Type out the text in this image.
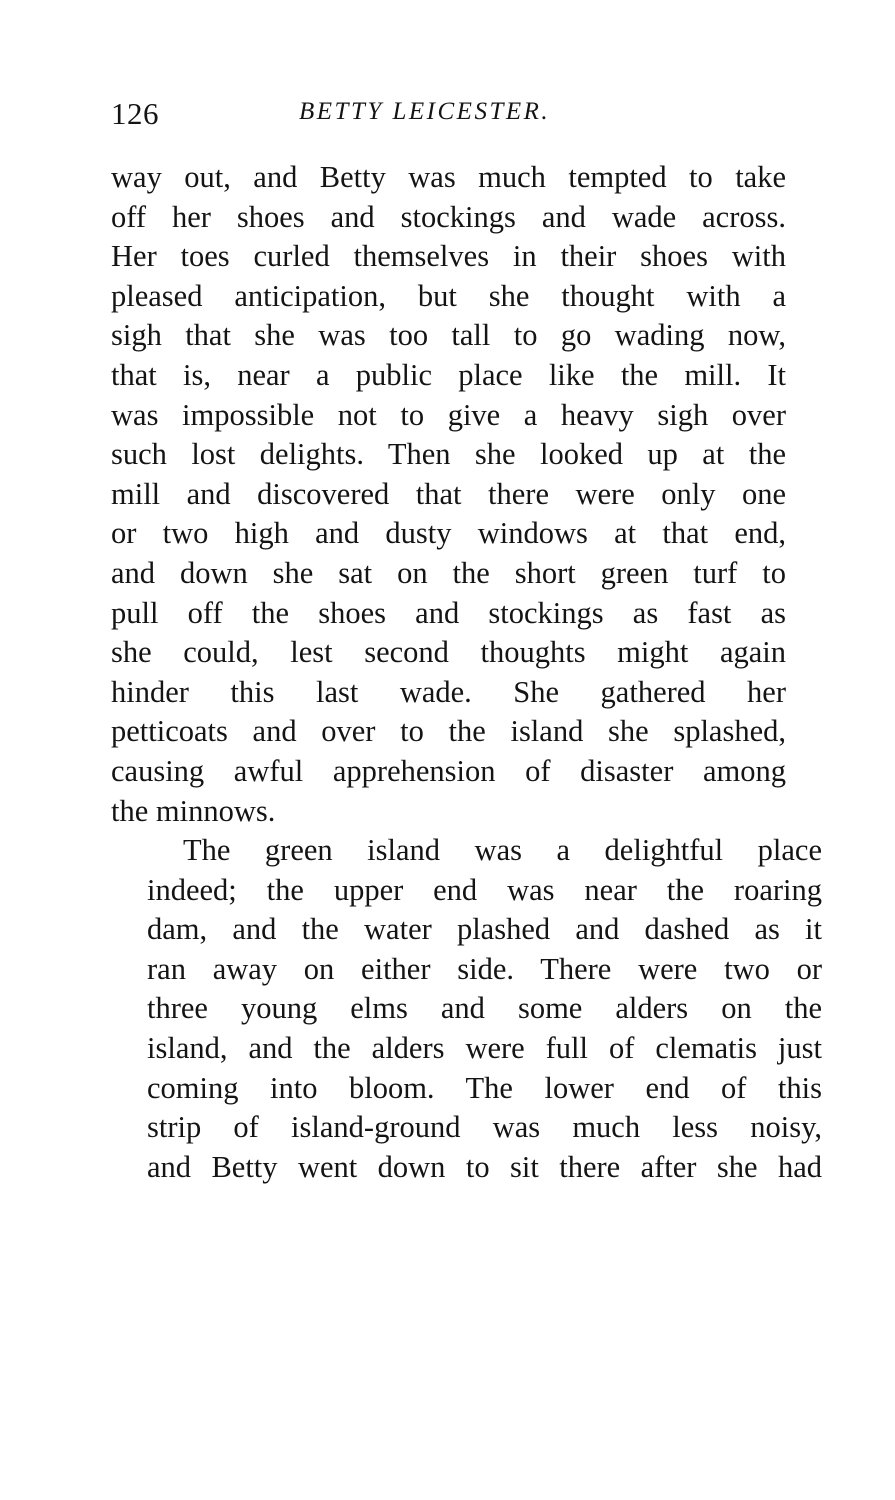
126	BETTY LEICESTER.
way out, and Betty was much tempted to take
off her shoes and stockings and wade across.
Her toes curled themselves in their shoes with
pleased anticipation, but she thought with a
sigh that she was too tall to go wading now,
that is, near a public place like the mill. It
was impossible not to give a heavy sigh over
such lost delights. Then she looked up at the
mill and discovered that there were only one
or two high and dusty windows at that end,
and down she sat on the short green turf to
pull off the shoes and stockings as fast as
she could, lest second thoughts might again
hinder this last wade. She gathered her
petticoats and over to the island she splashed,
causing awful apprehension of disaster among
the minnows.
The green island was a delightful place
indeed; the upper end was near the roaring
dam, and the water plashed and dashed as it
ran away on either side. There were two or
three young elms and some alders on the
island, and the alders were full of clematis just
coming into bloom. The lower end of this
strip of island-ground was much less noisy,
and Betty went down to sit there after she had
